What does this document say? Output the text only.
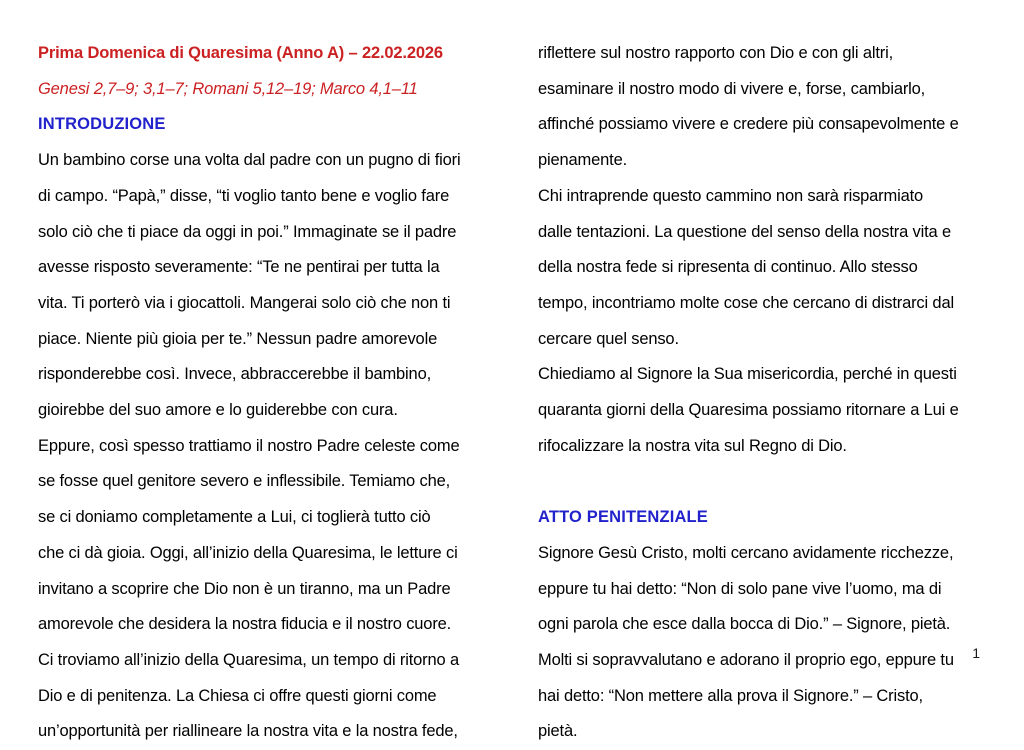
Prima Domenica di Quaresima (Anno A) – 22.02.2026
Genesi 2,7–9; 3,1–7; Romani 5,12–19; Marco 4,1–11
INTRODUZIONE
Un bambino corse una volta dal padre con un pugno di fiori
di campo. “Papà,” disse, “ti voglio tanto bene e voglio fare
solo ciò che ti piace da oggi in poi.” Immaginate se il padre
avesse risposto severamente: “Te ne pentirai per tutta la
vita. Ti porterò via i giocattoli. Mangerai solo ciò che non ti
piace. Niente più gioia per te.” Nessun padre amorevole
risponderebbe così. Invece, abbraccerebbe il bambino,
gioirebbe del suo amore e lo guiderebbe con cura.
Eppure, così spesso trattiamo il nostro Padre celeste come
se fosse quel genitore severo e inflessibile. Temiamo che,
se ci doniamo completamente a Lui, ci toglierà tutto ciò
che ci dà gioia. Oggi, all’inizio della Quaresima, le letture ci
invitano a scoprire che Dio non è un tiranno, ma un Padre
amorevole che desidera la nostra fiducia e il nostro cuore.
Ci troviamo all’inizio della Quaresima, un tempo di ritorno a
Dio e di penitenza. La Chiesa ci offre questi giorni come
un’opportunità per riallineare la nostra vita e la nostra fede,
riflettere sul nostro rapporto con Dio e con gli altri,
esaminare il nostro modo di vivere e, forse, cambiarlo,
affinché possiamo vivere e credere più consapevolmente e
pienamente.
Chi intraprende questo cammino non sarà risparmiato
dalle tentazioni. La questione del senso della nostra vita e
della nostra fede si ripresenta di continuo. Allo stesso
tempo, incontriamo molte cose che cercano di distrarci dal
cercare quel senso.
Chiediamo al Signore la Sua misericordia, perché in questi
quaranta giorni della Quaresima possiamo ritornare a Lui e
rifocalizzare la nostra vita sul Regno di Dio.
ATTO PENITENZIALE
Signore Gesù Cristo, molti cercano avidamente ricchezze,
eppure tu hai detto: “Non di solo pane vive l’uomo, ma di
ogni parola che esce dalla bocca di Dio.” – Signore, pietà.
Molti si sopravvalutano e adorano il proprio ego, eppure tu
hai detto: “Non mettere alla prova il Signore.” – Cristo,
pietà.
1
